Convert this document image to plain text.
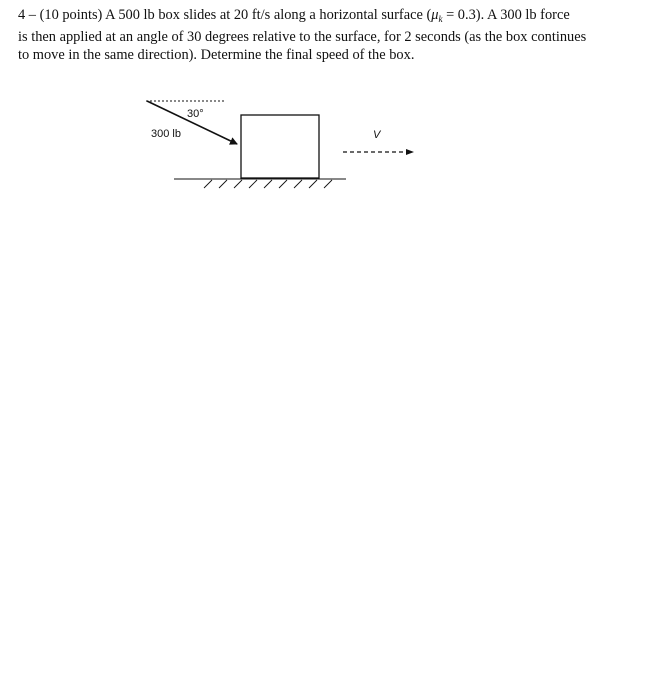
4 – (10 points) A 500 lb box slides at 20 ft/s along a horizontal surface $(\mu_k = 0.3)$. A 300 lb force
is then applied at an angle of 30 degrees relative to the surface, for 2 seconds (as the box continues
to move in the same direction). Determine the final speed of the box.
30°
300 lb	V
